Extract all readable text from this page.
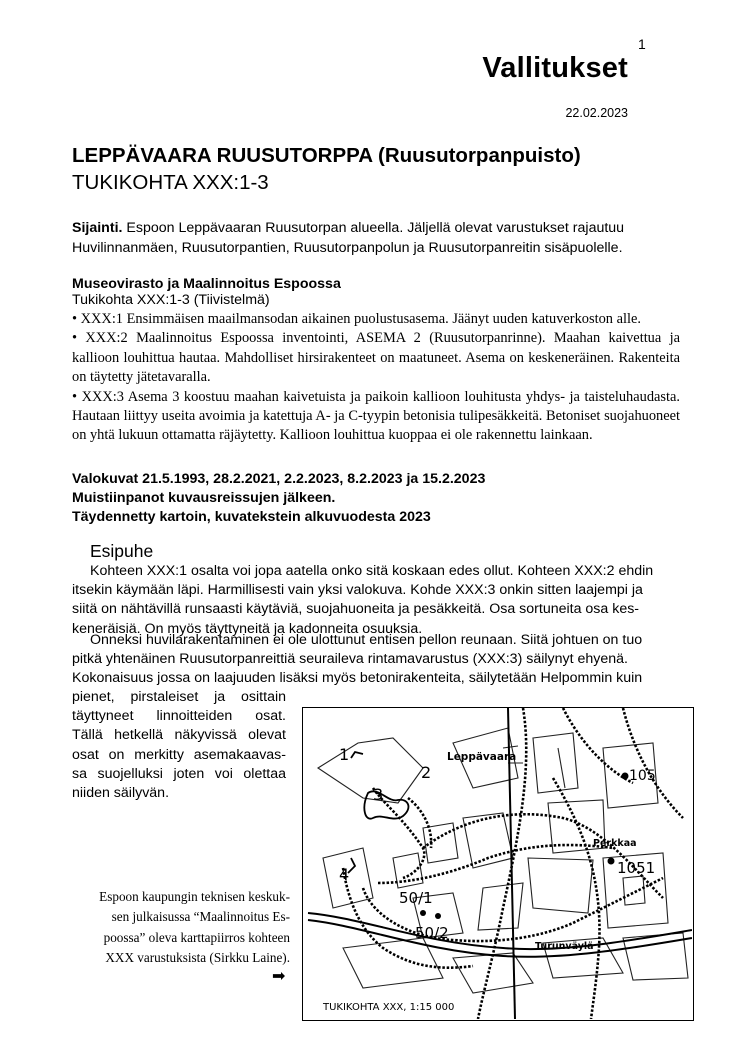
1
Vallitukset
22.02.2023
LEPPÄVAARA RUUSUTORPPA (Ruusutorpanpuisto)
TUKIKOHTA XXX:1-3
Sijainti. Espoon Leppävaaran Ruusutorpan alueella. Jäljellä olevat varustukset rajautuu Huvilinnanmäen, Ruusutorpantien, Ruusutorpanpolun ja Ruusutorpanreitin sisäpuolelle.
Museovirasto ja Maalinnoitus Espoossa
Tukikohta XXX:1-3 (Tiivistelmä)

• XXX:1 Ensimmäisen maailmansodan aikainen puolustusasema. Jäänyt uuden katuverkoston alle.

• XXX:2 Maalinnoitus Espoossa inventointi, ASEMA 2 (Ruusutorpanrinne). Maahan kaivettua ja kallioon louhittua hautaa. Mahdolliset hirsirakenteet on maatuneet. Asema on keskeneräinen. Rakenteita on täytetty jätetavaralla.

• XXX:3 Asema 3 koostuu maahan kaivetuista ja paikoin kallioon louhitusta yhdys- ja taisteluhaudasta. Hautaan liittyy useita avoimia ja katettuja A- ja C-tyypin betonisia tulipesäkkeitä. Betoniset suojahuoneet on yhtä lukuun ottamatta räjäytetty. Kallioon louhittua kuoppaa ei ole rakennettu lainkaan.

Valokuvat 21.5.1993, 28.2.2021, 2.2.2023, 8.2.2023 ja 15.2.2023
Muistiinpanot kuvausreissujen jälkeen.
Täydennetty kartoin, kuvatekstein alkuvuodesta 2023
Esipuhe
Kohteen XXX:1 osalta voi jopa aatella onko sitä koskaan edes ollut. Kohteen XXX:2 ehdin
itsekin käymään läpi. Harmillisesti vain yksi valokuva. Kohde XXX:3 onkin sitten laajempi ja
siitä on nähtävillä runsaasti käytäviä, suojahuoneita ja pesäkkeitä. Osa sortuneita osa kes-
keneräisiä. On myös täyttyneitä ja kadonneita osuuksia.
Onneksi huvilarakentaminen ei ole ulottunut entisen pellon reunaan. Siitä johtuen on tuo
pitkä yhtenäinen Ruusutorpanreittiä seuraileva rintamavarustus (XXX:3) säilynyt ehyenä.
Kokonaisuus jossa on laajuuden lisäksi myös betonirakenteita, säilytetään Helpommin kuin
pienet, pirstaleiset ja osittain
täyttyneet linnoitteiden osat.
Tällä hetkellä näkyvissä olevat
osat on merkitty asemakaavas-
sa suojelluksi joten voi olettaa
niiden säilyvän.
Espoon kaupungin teknisen keskuk-
sen julkaisussa “Maalinnoitus Es-
poossa” oleva karttapiirros kohteen
XXX varustuksista (Sirkku Laine).
➡
1
2
3
4
Leppävaara
Perkkaa
105
1051
50/1
50/2
Turunväylä
TUKIKOHTA XXX, 1:15 000
